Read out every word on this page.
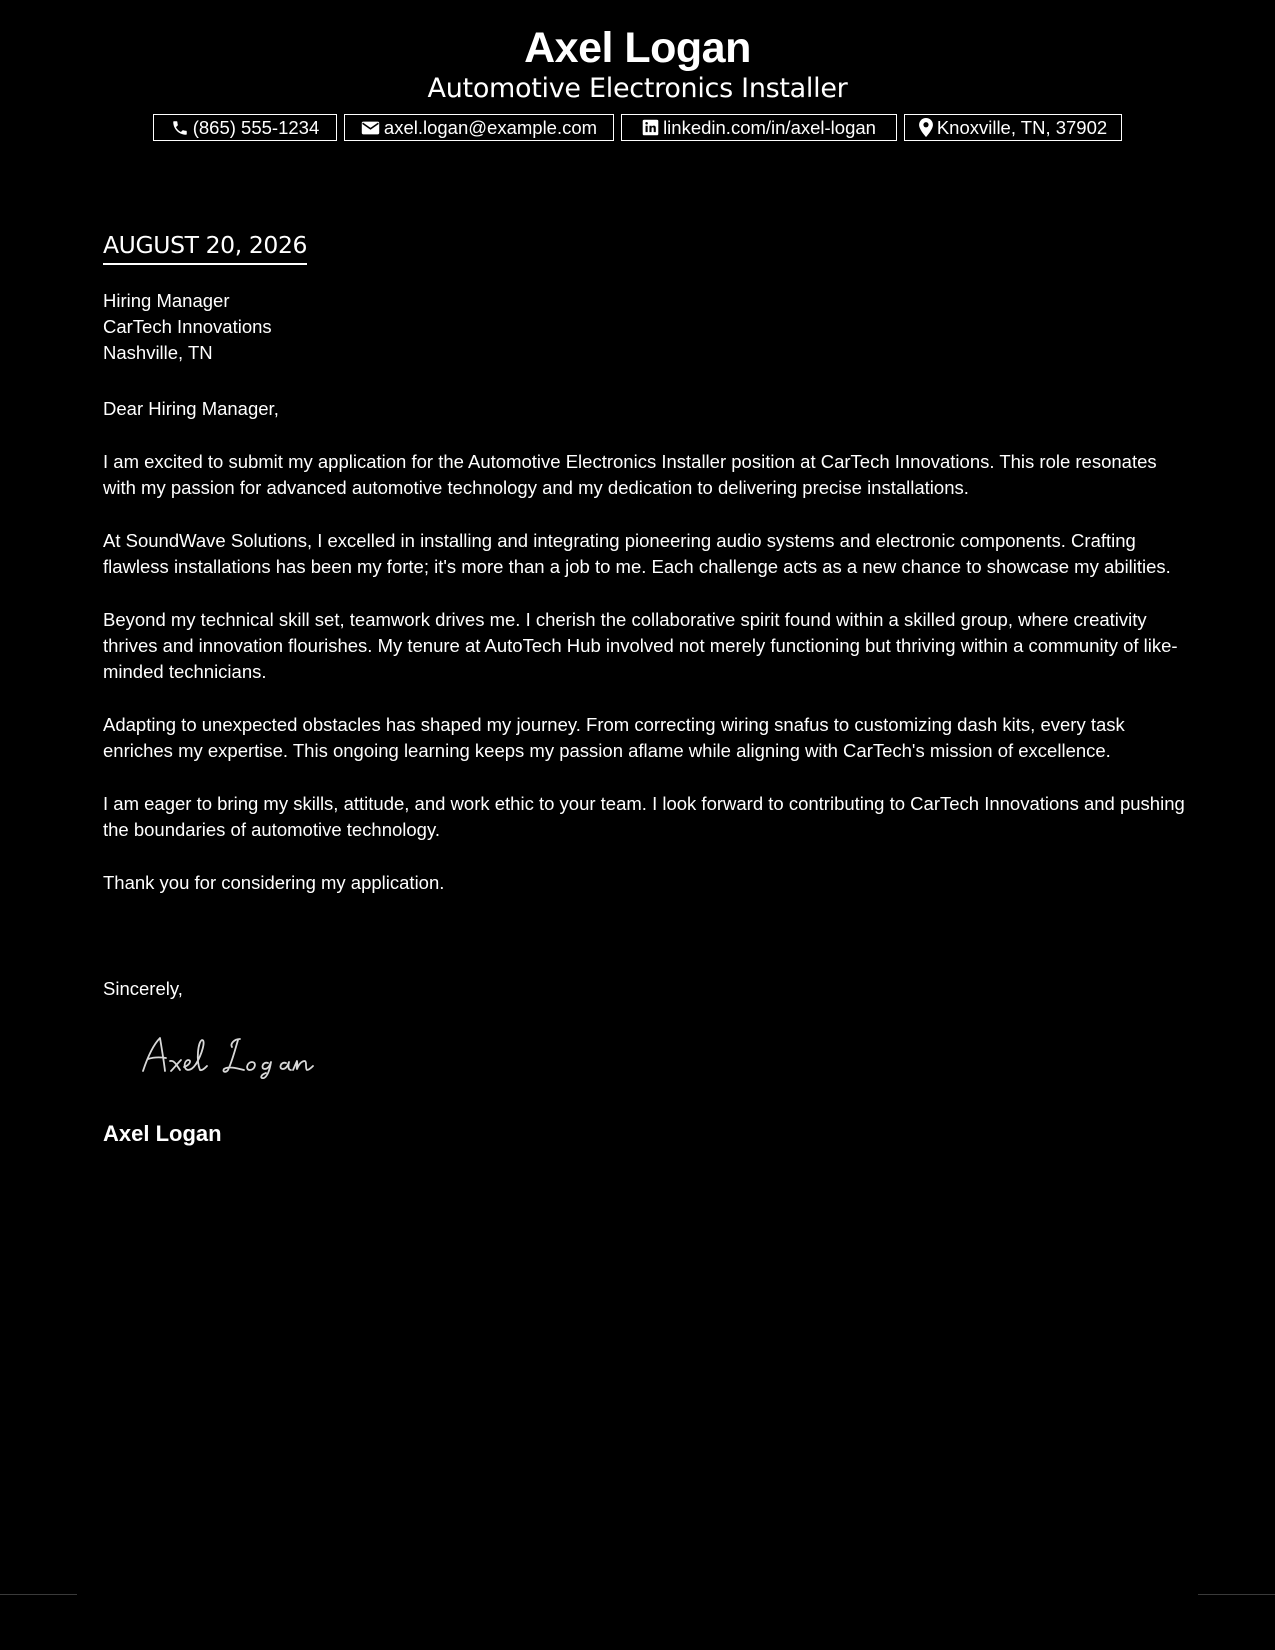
Axel Logan
Automotive Electronics Installer
(865) 555-1234	axel.logan@example.com	linkedin.com/in/axel-logan	Knoxville, TN, 37902
AUGUST 20, 2026
Hiring Manager
CarTech Innovations
Nashville, TN
Dear Hiring Manager,

I am excited to submit my application for the Automotive Electronics Installer position at CarTech Innovations. This role resonates with my passion for advanced automotive technology and my dedication to delivering precise installations.

At SoundWave Solutions, I excelled in installing and integrating pioneering audio systems and electronic components. Crafting flawless installations has been my forte; it's more than a job to me. Each challenge acts as a new chance to showcase my abilities.

Beyond my technical skill set, teamwork drives me. I cherish the collaborative spirit found within a skilled group, where creativity thrives and innovation flourishes. My tenure at AutoTech Hub involved not merely functioning but thriving within a community of like-minded technicians.

Adapting to unexpected obstacles has shaped my journey. From correcting wiring snafus to customizing dash kits, every task enriches my expertise. This ongoing learning keeps my passion aflame while aligning with CarTech's mission of excellence.

I am eager to bring my skills, attitude, and work ethic to your team. I look forward to contributing to CarTech Innovations and pushing the boundaries of automotive technology.

Thank you for considering my application.

Sincerely,
Axel Logan
